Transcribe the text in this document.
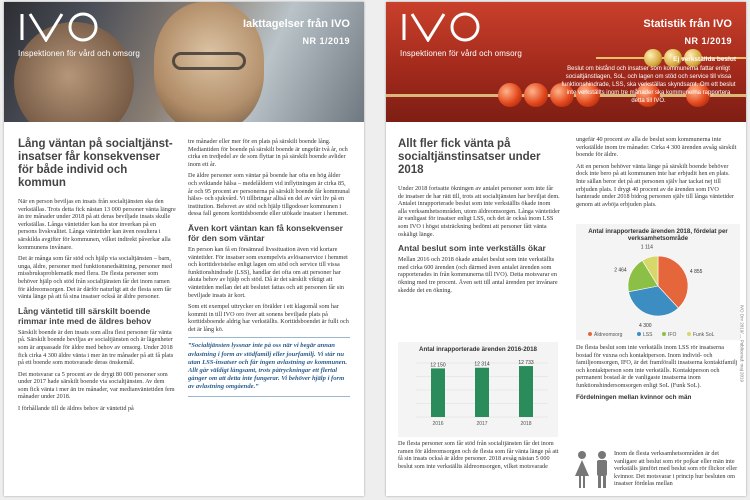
Inspektionen för vård och omsorg
Iakttagelser från IVO
NR 1/2019
Lång väntan på socialtjänst-insatser får konsekvenser för både individ och kommun

När en person beviljas en insats från socialtjänsten ska den verkställas. Trots detta fick nästan 13 000 personer vänta längre än tre månader under 2018 på att deras beviljade insats skulle verkställas. Långa väntetider kan ha stor inverkan på en persons livskvalitet. Långa väntetider kan även resultera i särskilda avgifter för kommunen, vilket indirekt påverkar alla kommunens invånare.

Det är många som får stöd och hjälp via socialtjänsten – barn, unga, äldre, personer med funktionsnedsättning, personer med missbruksproblematik med flera. De flesta personer som behöver hjälp och stöd från socialtjänsten får det inom ramen för äldreomsorgen. Det är därför naturligt att de flesta som får vänta länge på att få sina insatser också är äldre personer.

Lång väntetid till särskilt boende rimmar inte med de äldres behov

Särskilt boende är den insats som allra flest personer får vänta på. Särskilt boende beviljas av socialtjänsten och är lägenheter som är anpassade för äldre med behov av omsorg. Under 2018 fick cirka 4 300 äldre vänta i mer än tre månader på att få plats på ett boende som motsvarade deras önskemål.

Det motsvarar ca 5 procent av de drygt 80 000 personer som under 2017 hade särskilt boende via socialtjänsten. Av dem som fick vänta i mer än tre månader, var medianväntetiden fem månader under 2018.

I förhållande till de äldres behov är väntetid på

tre månader eller mer för en plats på särskilt boende lång. Mediantiden för boende på särskilt boende är ungefär två år, och cirka en tredjedel av de som flyttar in på särskilt boende avlider inom ett år.

De äldre personer som väntar på boende har ofta en hög ålder och sviktande hälsa – medelåldern vid inflyttningen är cirka 85, år och 95 procent av personerna på särskilt boende får kommunal hälso- och sjukvård. Vi tillbringar alltså en del av vårt liv på en institution. Behovet av stöd och hjälp tillgodoser kommunen i dessa fall genom korttidsboende eller utökade insatser i hemmet.

Även kort väntan kan få konsekvenser för den som väntar

En person kan få en försämrad livssituation även vid kortare väntetider. För insatser som exempelvis avlösarservice i hemmet och korttidsvistelse enligt lagen om stöd och service till vissa funktionshindrade (LSS), handlar det ofta om att personer har akuta behov av hjälp och stöd. Då är det särskilt viktigt att väntetiden mellan det att beslutet fattas och att personen får sin beviljade insats är kort.

Som ett exempel uttrycker en förälder i ett klagomål som har kommit in till IVO oro över att sonens beviljade plats på korttidsboende aldrig har verkställts. Korttidsboendet är fullt och det är lång kö.

”Socialtjänsten lyssnar inte på oss när vi begär annan avlastning i form av stödfamilj eller jourfamilj. Vi står nu utan LSS-insatser och får ingen avlastning av kommunen. Allt går väldigt långsamt, trots påtryckningar ett flertal gånger om att detta inte fungerar. Vi behöver hjälp i form av avlastning omgående.”
Inspektionen för vård och omsorg
Statistik från IVO
NR 1/2019
Ej verkställda beslut
Beslut om bistånd och insatser som kommunerna fattar enligt socialtjänstlagen, SoL, och lagen om stöd och service till vissa funktionshindrade, LSS, ska verkställas skyndsamt. Om ett beslut inte verkställts inom tre månader ska kommunerna rapportera detta till IVO.
Allt fler fick vänta på socialtjänstinsatser under 2018

Under 2018 fortsatte ökningen av antalet personer som inte får de insatser de har rätt till, trots att socialtjänsten har beviljat dem. Antalet inrapporterade beslut som inte verkställts ökade inom alla verksamhetsområden, utom äldreomsorgen. Långa väntetider är vanligast för insatser enligt LSS, och det är också inom LSS som IVO i högst utsträckning bedömt att personer fått vänta oskäligt länge.

Antal beslut som inte verkställs ökar

Mellan 2016 och 2018 ökade antalet beslut som inte verkställts med cirka 600 ärenden (och därmed även antalet ärenden som rapporterades in från kommunerna till IVO). Detta motsvarar en ökning med tre procent. Även sett till antal ärenden per invånare skedde det en ökning.

Antal inrapporterade ärenden 2016-2018
12 150
2016
12 314
2017
12 733
2018

De flesta personer som får stöd från socialtjänsten får det inom ramen för äldreomsorgen och de flesta som får vänta länge på att få sin insats också är äldre personer. 2018 avsåg nästan 5 000 beslut som inte verkställts äldreomsorgen, vilket motsvarade

ungefär 40 procent av alla de beslut som kommunerna inte verkställde inom tre månader. Cirka 4 300 ärenden avsåg särskilt boende för äldre.

Att en person behöver vänta länge på särskilt boende behöver dock inte bero på att kommunen inte har erbjudit hen en plats. Inte sällan beror det på att personen själv har tackat nej till erbjuden plats. I drygt 40 procent av de ärenden som IVO hanterade under 2018 bidrog personen själv till långa väntetider genom att avböja erbjuden plats.

Antal inrapporterade ärenden 2018, fördelat per verksamhetsområde
4 855
4 300
2 464
1 114
Äldreomsorg	LSS	IFO	Funk SoL

De flesta beslut som inte verkställs inom LSS rör insatserna bostad för vuxna och kontaktperson. Inom individ- och familjeomsorgen, IFO, är det framförallt insatserna kontaktfamilj och kontaktperson som inte verkställs. Kontaktperson och permanent bostad är de vanligaste insatserna inom funktionshindersomsorgen enligt SoL (Funk SoL).

Fördelningen mellan kvinnor och män

Inom de flesta verksamhetsområden är det vanligare att beslut som rör pojkar eller män inte verkställs jämfört med beslut som rör flickor eller kvinnor. Det motsvarar i princip hur besluten om insatser fördelas mellan

IVO Dnr 2019/..., Publicerad: maj 2019
